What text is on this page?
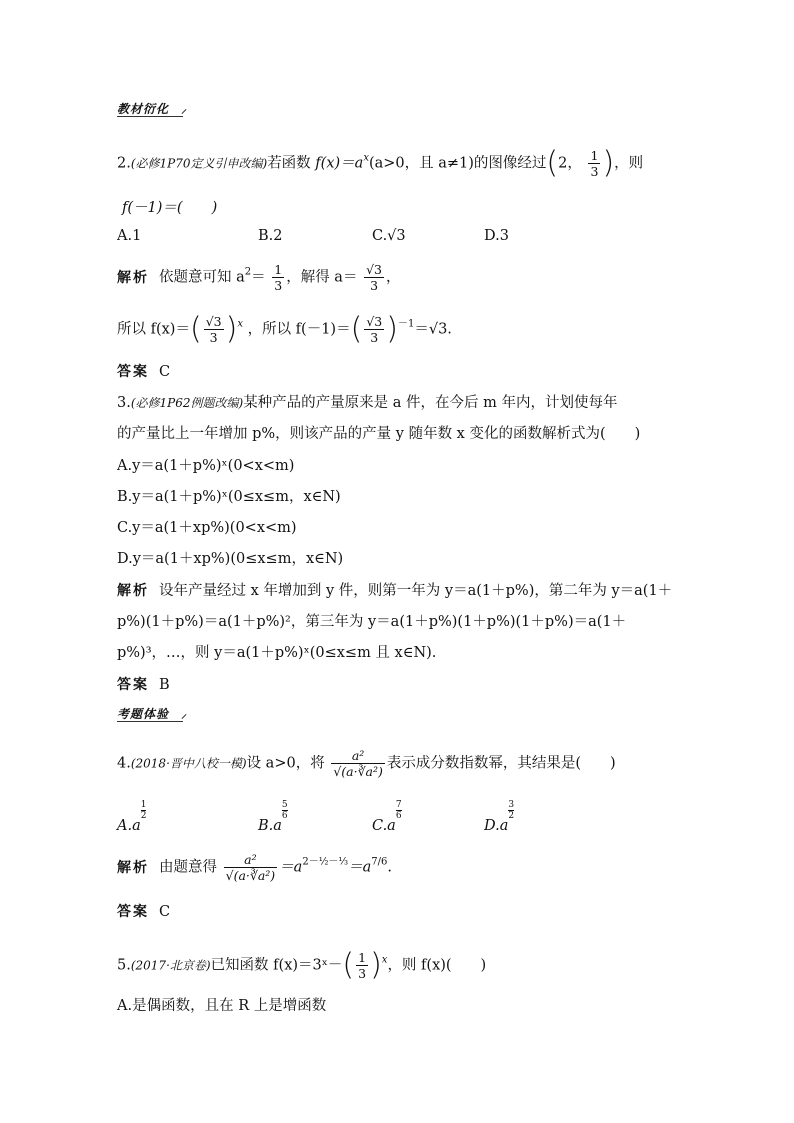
教材衍化
2.(必修1P70定义引申改编)若函数 $f(x)=a^x(a>0$，且 a≠1)的图像经过(2， $\frac{1}{3}$ )，则
f(－1)＝(　　)
A.1	B.2	C.√3	D.3
解析 依题意可知 $a^2= \frac{1}{3}$ ，解得 $a= \frac{√3}{3}$ ，
所以 $f(x)=( \frac{√3}{3} )^x$ ，所以 $f(-1)=( \frac{√3}{3} )^{-1}=√3$.
答案 C
3.(必修1P62例题改编)某种产品的产量原来是 a 件，在今后 m 年内，计划使每年
的产量比上一年增加 p%，则该产品的产量 y 随年数 x 变化的函数解析式为(　　)
A.y＝a(1＋p%)ˣ(0<x<m)
B.y＝a(1＋p%)ˣ(0≤x≤m，x∈N)
C.y＝a(1＋xp%)(0<x<m)
D.y＝a(1＋xp%)(0≤x≤m，x∈N)
解析 设年产量经过 x 年增加到 y 件，则第一年为 y＝a(1＋p%)，第二年为 y＝a(1＋
p%)(1＋p%)＝a(1＋p%)²，第三年为 y＝a(1＋p%)(1＋p%)(1＋p%)＝a(1＋
p%)³，…，则 y＝a(1＋p%)ˣ(0≤x≤m 且 x∈N).
答案 B
考题体验
4.(2018·晋中八校一模)设 a>0，将 $\frac{\text{a²}}{\text{√(a·∛a²)}}$ 表示成分数指数幂，其结果是(　　)
A.a
$\frac{1}{2}$
B.a
$\frac{5}{6}$
C.a
$\frac{7}{6}$
D.a
$\frac{3}{2}$
解析 由题意得 $\frac{\text{a²}}{\text{√(a·∛a²)}} =a^{2-\frac{1}{2}-\frac{1}{3}}=a^{7/6}$.
答案 C
5.(2017·北京卷)已知函数 f(x)＝3ˣ－( $\frac{1}{3} )^x$，则 f(x)(　　)
A.是偶函数，且在 R 上是增函数
